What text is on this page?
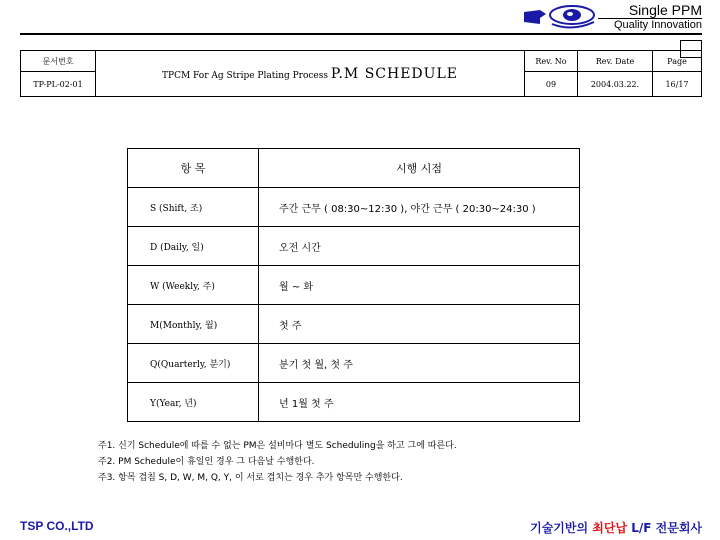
Single PPM
Quality Innovation
문서번호	TPCM For Ag Stripe Plating Process P.M SCHEDULE	Rev. No	Rev. Date	Page
TP-PL-02-01		09	2004.03.22.	16/17
항 목	시행 시점
S (Shift, 조)	주간 근무 ( 08:30~12:30 ), 야간 근무 ( 20:30~24:30 )
D (Daily, 일)	오전 시간
W (Weekly, 주)	월 ~ 화
M(Monthly, 월)	첫 주
Q(Quarterly, 분기)	분기 첫 월, 첫 주
Y(Year, 년)	년 1월 첫 주
주1. 신기 Schedule에 따를 수 없는 PM은 설비마다 별도 Scheduling을 하고 그에 따른다.
주2. PM Schedule이 휴일인 경우 그 다음날 수행한다.
주3. 항목 겹침 S, D, W, M, Q, Y, 이 서로 겹치는 경우 추가 항목만 수행한다.
TSP CO.,LTD	기술기반의 최단납 L/F 전문회사
